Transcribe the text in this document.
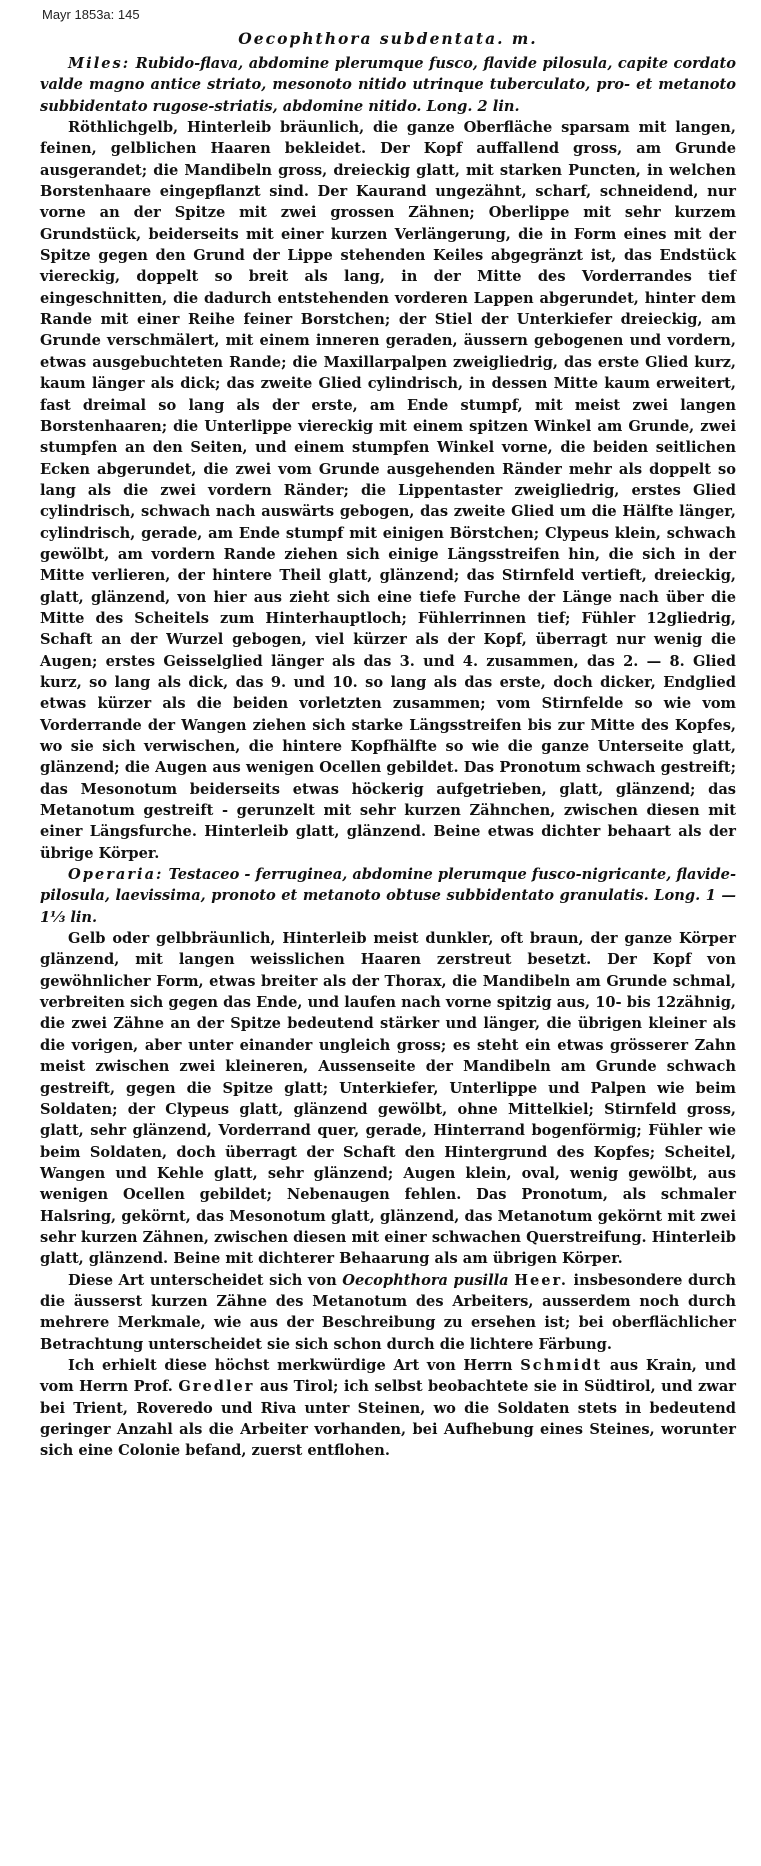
Mayr 1853a: 145
Oecophthora subdentata. m.

Miles: Rubido-flava, abdomine plerumque fusco, flavide pilosula, capite cordato valde magno antice striato, mesonoto nitido utrinque tuberculato, pro- et metanoto subbidentato rugose-striatis, abdomine nitido. Long. 2 lin.

Röthlichgelb, Hinterleib bräunlich, die ganze Oberfläche sparsam mit langen, feinen, gelblichen Haaren bekleidet. Der Kopf auffallend gross, am Grunde ausgerandet; die Mandibeln gross, dreieckig glatt, mit starken Puncten, in welchen Borstenhaare eingepflanzt sind. Der Kaurand ungezähnt, scharf, schneidend, nur vorne an der Spitze mit zwei grossen Zähnen; Oberlippe mit sehr kurzem Grundstück, beiderseits mit einer kurzen Verlängerung, die in Form eines mit der Spitze gegen den Grund der Lippe stehenden Keiles abgegränzt ist, das Endstück viereckig, doppelt so breit als lang, in der Mitte des Vorderrandes tief eingeschnitten, die dadurch entstehenden vorderen Lappen abgerundet, hinter dem Rande mit einer Reihe feiner Borstchen; der Stiel der Unterkiefer dreieckig, am Grunde verschmälert, mit einem inneren geraden, äussern gebogenen und vordern, etwas ausgebuchteten Rande; die Maxillarpalpen zweigliedrig, das erste Glied kurz, kaum länger als dick; das zweite Glied cylindrisch, in dessen Mitte kaum erweitert, fast dreimal so lang als der erste, am Ende stumpf, mit meist zwei langen Borstenhaaren; die Unterlippe viereckig mit einem spitzen Winkel am Grunde, zwei stumpfen an den Seiten, und einem stumpfen Winkel vorne, die beiden seitlichen Ecken abgerundet, die zwei vom Grunde ausgehenden Ränder mehr als doppelt so lang als die zwei vordern Ränder; die Lippentaster zweigliedrig, erstes Glied cylindrisch, schwach nach auswärts gebogen, das zweite Glied um die Hälfte länger, cylindrisch, gerade, am Ende stumpf mit einigen Börstchen; Clypeus klein, schwach gewölbt, am vordern Rande ziehen sich einige Längsstreifen hin, die sich in der Mitte verlieren, der hintere Theil glatt, glänzend; das Stirnfeld vertieft, dreieckig, glatt, glänzend, von hier aus zieht sich eine tiefe Furche der Länge nach über die Mitte des Scheitels zum Hinterhauptloch; Fühlerrinnen tief; Fühler 12gliedrig, Schaft an der Wurzel gebogen, viel kürzer als der Kopf, überragt nur wenig die Augen; erstes Geisselglied länger als das 3. und 4. zusammen, das 2. — 8. Glied kurz, so lang als dick, das 9. und 10. so lang als das erste, doch dicker, Endglied etwas kürzer als die beiden vorletzten zusammen; vom Stirnfelde so wie vom Vorderrande der Wangen ziehen sich starke Längsstreifen bis zur Mitte des Kopfes, wo sie sich verwischen, die hintere Kopfhälfte so wie die ganze Unterseite glatt, glänzend; die Augen aus wenigen Ocellen gebildet. Das Pronotum schwach gestreift; das Mesonotum beiderseits etwas höckerig aufgetrieben, glatt, glänzend; das Metanotum gestreift - gerunzelt mit sehr kurzen Zähnchen, zwischen diesen mit einer Längsfurche. Hinterleib glatt, glänzend. Beine etwas dichter behaart als der übrige Körper.

Operaria: Testaceo - ferruginea, abdomine plerumque fusco-nigricante, flavide-pilosula, laevissima, pronoto et metanoto obtuse subbidentato granulatis. Long. 1 — 1⅓ lin.

Gelb oder gelbbräunlich, Hinterleib meist dunkler, oft braun, der ganze Körper glänzend, mit langen weisslichen Haaren zerstreut besetzt. Der Kopf von gewöhnlicher Form, etwas breiter als der Thorax, die Mandibeln am Grunde schmal, verbreiten sich gegen das Ende, und laufen nach vorne spitzig aus, 10- bis 12zähnig, die zwei Zähne an der Spitze bedeutend stärker und länger, die übrigen kleiner als die vorigen, aber unter einander ungleich gross; es steht ein etwas grösserer Zahn meist zwischen zwei kleineren, Aussenseite der Mandibeln am Grunde schwach gestreift, gegen die Spitze glatt; Unterkiefer, Unterlippe und Palpen wie beim Soldaten; der Clypeus glatt, glänzend gewölbt, ohne Mittelkiel; Stirnfeld gross, glatt, sehr glänzend, Vorderrand quer, gerade, Hinterrand bogenförmig; Fühler wie beim Soldaten, doch überragt der Schaft den Hintergrund des Kopfes; Scheitel, Wangen und Kehle glatt, sehr glänzend; Augen klein, oval, wenig gewölbt, aus wenigen Ocellen gebildet; Nebenaugen fehlen. Das Pronotum, als schmaler Halsring, gekörnt, das Mesonotum glatt, glänzend, das Metanotum gekörnt mit zwei sehr kurzen Zähnen, zwischen diesen mit einer schwachen Querstreifung. Hinterleib glatt, glänzend. Beine mit dichterer Behaarung als am übrigen Körper.

Diese Art unterscheidet sich von Oecophthora pusilla Heer. insbesondere durch die äusserst kurzen Zähne des Metanotum des Arbeiters, ausserdem noch durch mehrere Merkmale, wie aus der Beschreibung zu ersehen ist; bei oberflächlicher Betrachtung unterscheidet sie sich schon durch die lichtere Färbung.

Ich erhielt diese höchst merkwürdige Art von Herrn Schmidt aus Krain, und vom Herrn Prof. Gredler aus Tirol; ich selbst beobachtete sie in Südtirol, und zwar bei Trient, Roveredo und Riva unter Steinen, wo die Soldaten stets in bedeutend geringer Anzahl als die Arbeiter vorhanden, bei Aufhebung eines Steines, worunter sich eine Colonie befand, zuerst entflohen.
